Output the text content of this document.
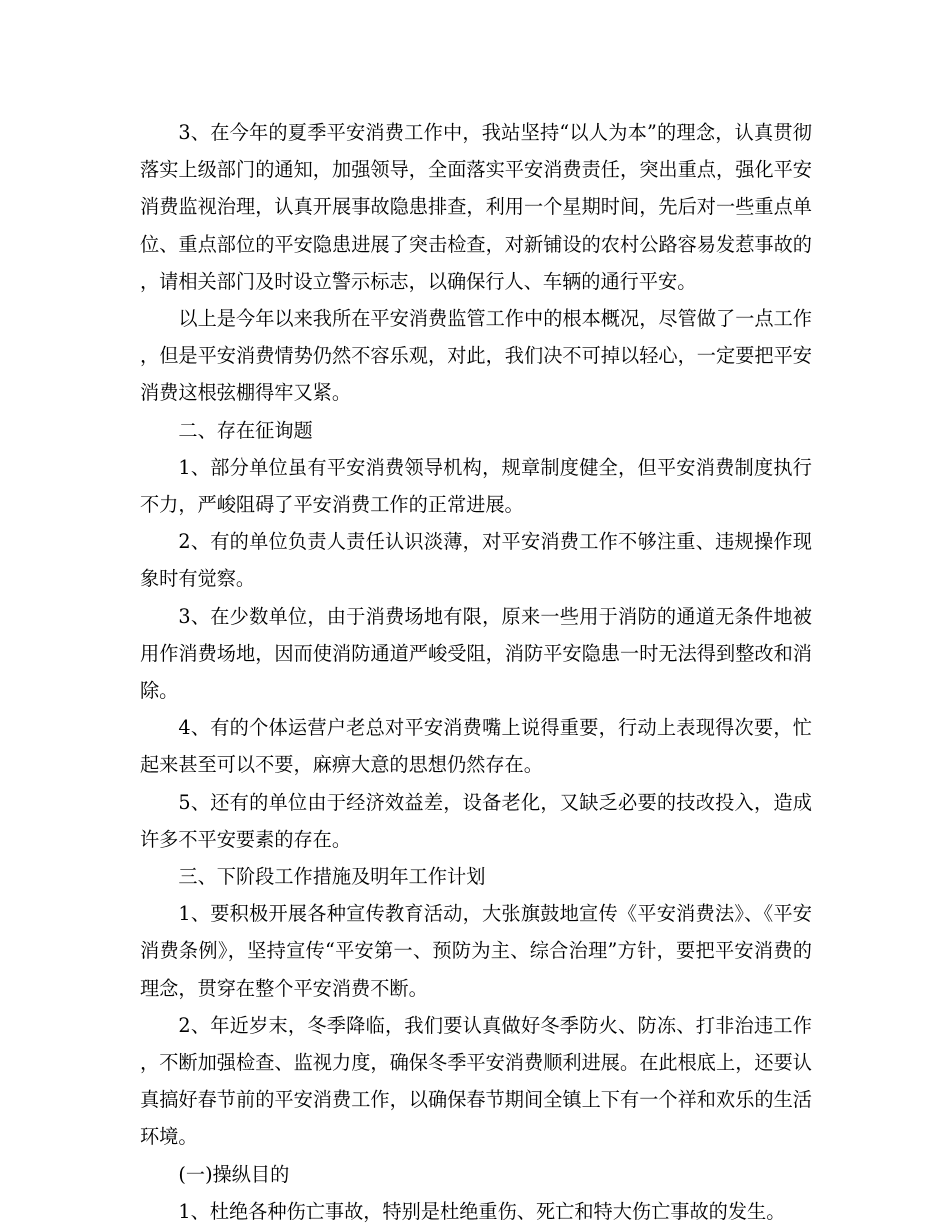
3、在今年的夏季平安消费工作中，我站坚持“以人为本”的理念，认真贯彻落实上级部门的通知，加强领导，全面落实平安消费责任，突出重点，强化平安消费监视治理，认真开展事故隐患排查，利用一个星期时间，先后对一些重点单位、重点部位的平安隐患进展了突击检查，对新铺设的农村公路容易发惹事故的，请相关部门及时设立警示标志，以确保行人、车辆的通行平安。

以上是今年以来我所在平安消费监管工作中的根本概况，尽管做了一点工作，但是平安消费情势仍然不容乐观，对此，我们决不可掉以轻心，一定要把平安消费这根弦棚得牢又紧。

二、存在征询题

1、部分单位虽有平安消费领导机构，规章制度健全，但平安消费制度执行不力，严峻阻碍了平安消费工作的正常进展。

2、有的单位负责人责任认识淡薄，对平安消费工作不够注重、违规操作现象时有觉察。

3、在少数单位，由于消费场地有限，原来一些用于消防的通道无条件地被用作消费场地，因而使消防通道严峻受阻，消防平安隐患一时无法得到整改和消除。

4、有的个体运营户老总对平安消费嘴上说得重要，行动上表现得次要，忙起来甚至可以不要，麻痹大意的思想仍然存在。

5、还有的单位由于经济效益差，设备老化，又缺乏必要的技改投入，造成许多不平安要素的存在。

三、下阶段工作措施及明年工作计划

1、要积极开展各种宣传教育活动，大张旗鼓地宣传《平安消费法》、《平安消费条例》，坚持宣传“平安第一、预防为主、综合治理”方针，要把平安消费的理念，贯穿在整个平安消费不断。

2、年近岁末，冬季降临，我们要认真做好冬季防火、防冻、打非治违工作，不断加强检查、监视力度，确保冬季平安消费顺利进展。在此根底上，还要认真搞好春节前的平安消费工作，以确保春节期间全镇上下有一个祥和欢乐的生活环境。

(一)操纵目的

1、杜绝各种伤亡事故，特别是杜绝重伤、死亡和特大伤亡事故的发生。
